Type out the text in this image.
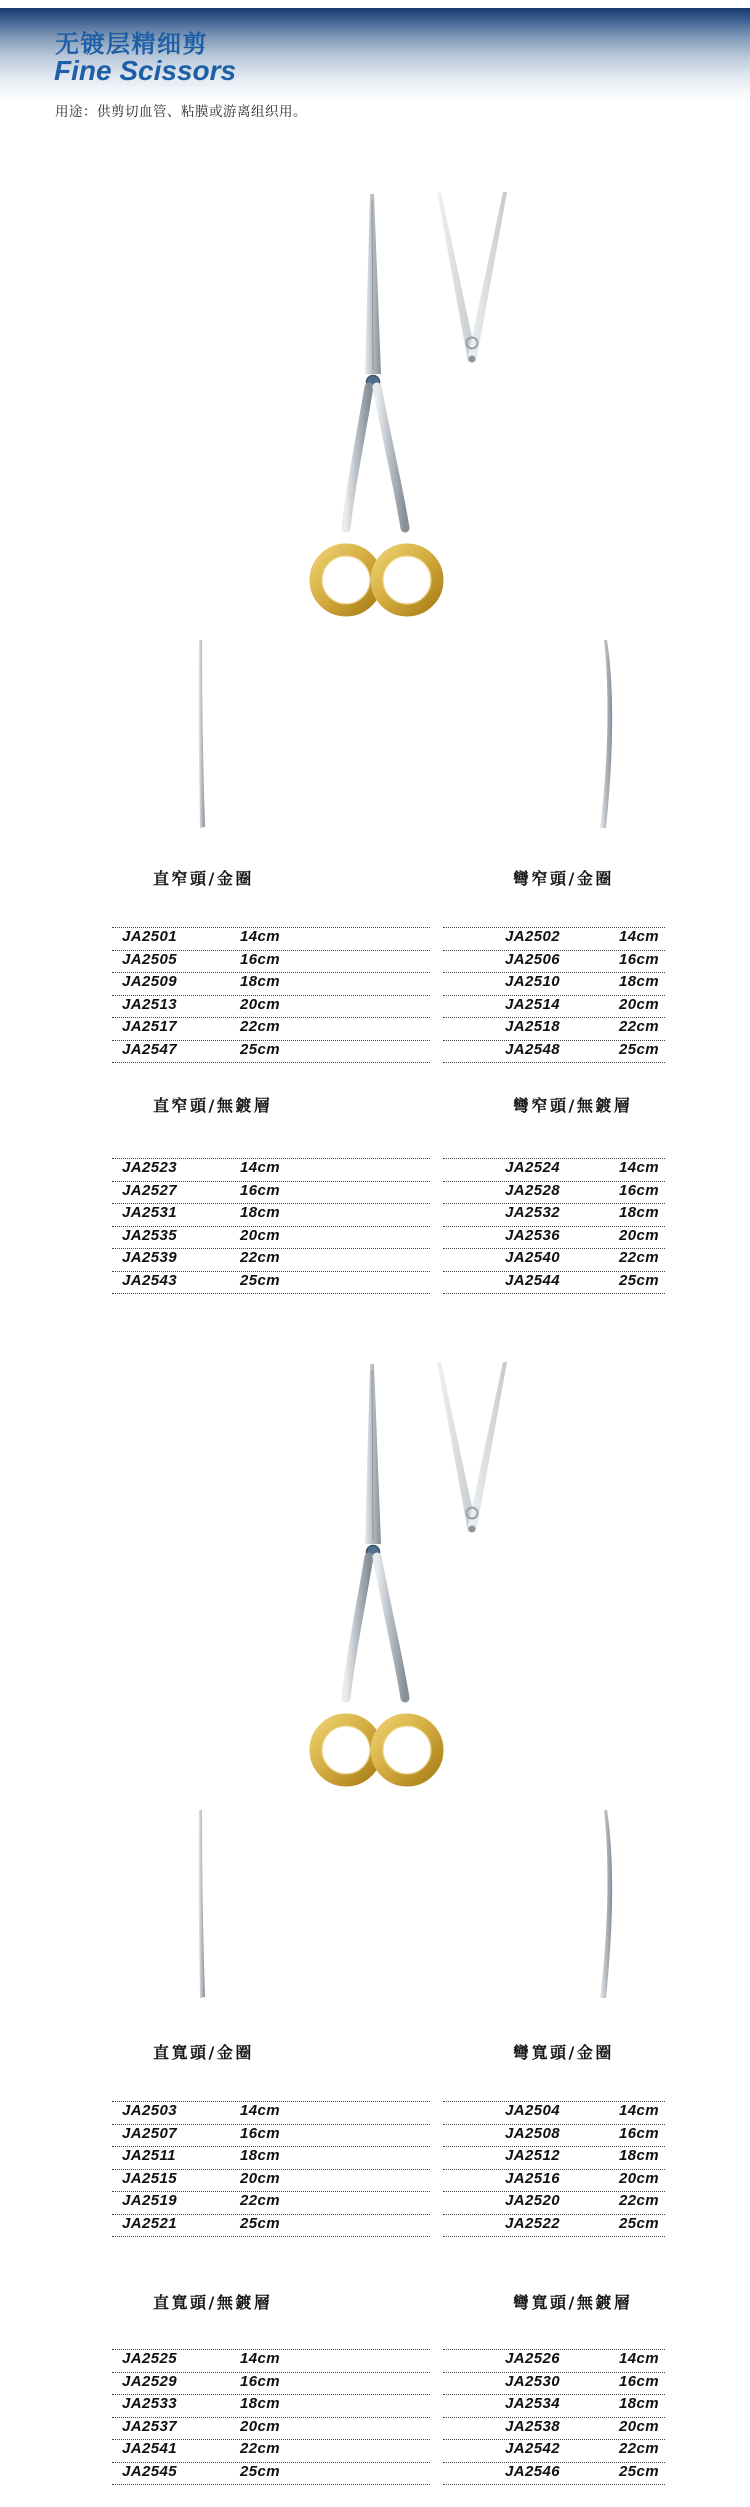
无镀层精细剪
Fine Scissors
用途：供剪切血管、粘膜或游离组织用。
直窄頭/金圈	彎窄頭/金圈
JA2501	14cm
JA2505	16cm
JA2509	18cm
JA2513	20cm
JA2517	22cm
JA2547	25cm
JA2502	14cm
JA2506	16cm
JA2510	18cm
JA2514	20cm
JA2518	22cm
JA2548	25cm
直窄頭/無鍍層	彎窄頭/無鍍層
JA2523	14cm
JA2527	16cm
JA2531	18cm
JA2535	20cm
JA2539	22cm
JA2543	25cm
JA2524	14cm
JA2528	16cm
JA2532	18cm
JA2536	20cm
JA2540	22cm
JA2544	25cm
直寬頭/金圈	彎寬頭/金圈
JA2503	14cm
JA2507	16cm
JA2511	18cm
JA2515	20cm
JA2519	22cm
JA2521	25cm
JA2504	14cm
JA2508	16cm
JA2512	18cm
JA2516	20cm
JA2520	22cm
JA2522	25cm
直寬頭/無鍍層	彎寬頭/無鍍層
JA2525	14cm
JA2529	16cm
JA2533	18cm
JA2537	20cm
JA2541	22cm
JA2545	25cm
JA2526	14cm
JA2530	16cm
JA2534	18cm
JA2538	20cm
JA2542	22cm
JA2546	25cm
